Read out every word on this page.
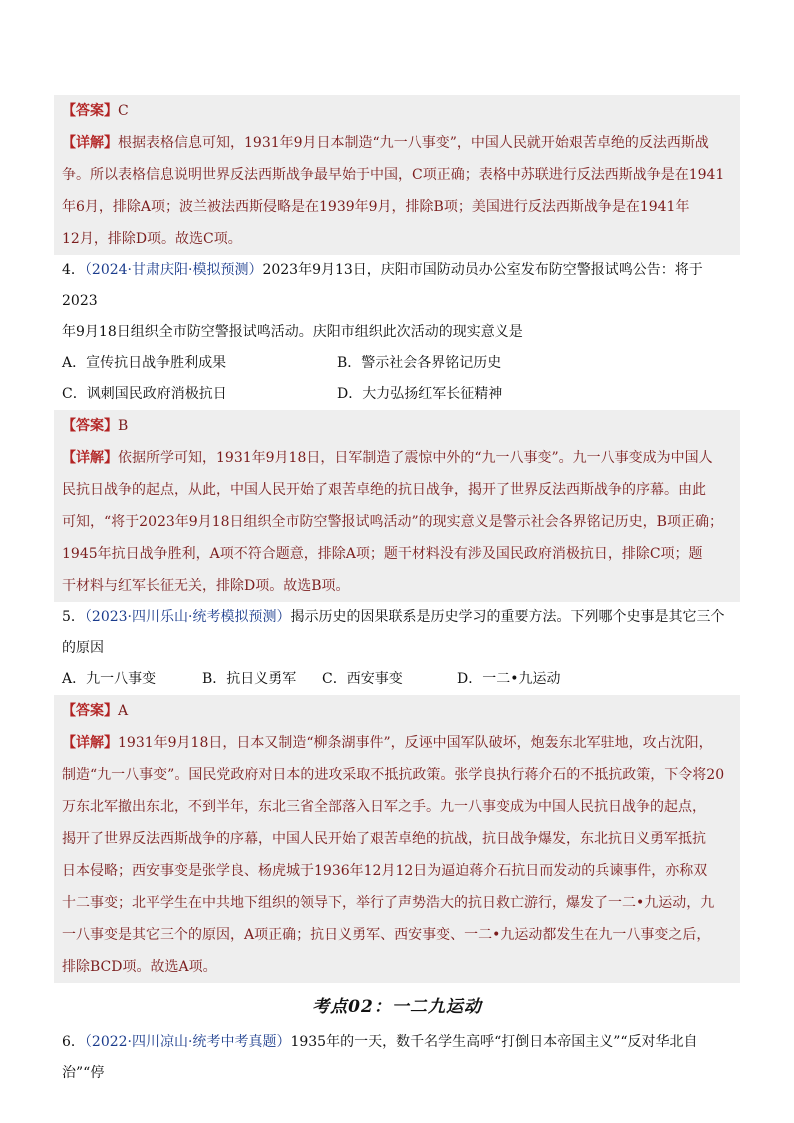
【答案】C
【详解】根据表格信息可知，1931年9月日本制造“九一八事变”，中国人民就开始艰苦卓绝的反法西斯战
争。所以表格信息说明世界反法西斯战争最早始于中国，C项正确；表格中苏联进行反法西斯战争是在1941
年6月，排除A项；波兰被法西斯侵略是在1939年9月，排除B项；美国进行反法西斯战争是在1941年
12月，排除D项。故选C项。
4．（2024·甘肃庆阳·模拟预测）2023年9月13日，庆阳市国防动员办公室发布防空警报试鸣公告：将于2023
年9月18日组织全市防空警报试鸣活动。庆阳市组织此次活动的现实意义是
A．宣传抗日战争胜利成果	B．警示社会各界铭记历史
C．讽刺国民政府消极抗日	D．大力弘扬红军长征精神
【答案】B
【详解】依据所学可知，1931年9月18日，日军制造了震惊中外的“九一八事变”。九一八事变成为中国人
民抗日战争的起点，从此，中国人民开始了艰苦卓绝的抗日战争，揭开了世界反法西斯战争的序幕。由此
可知，“将于2023年9月18日组织全市防空警报试鸣活动”的现实意义是警示社会各界铭记历史，B项正确；
1945年抗日战争胜利，A项不符合题意，排除A项；题干材料没有涉及国民政府消极抗日，排除C项；题
干材料与红军长征无关，排除D项。故选B项。
5．（2023·四川乐山·统考模拟预测）揭示历史的因果联系是历史学习的重要方法。下列哪个史事是其它三个
的原因
A．九一八事变	B．抗日义勇军	C．西安事变	D．一二•九运动
【答案】A
【详解】1931年9月18日，日本又制造“柳条湖事件”，反诬中国军队破坏，炮轰东北军驻地，攻占沈阳，
制造“九一八事变”。国民党政府对日本的进攻采取不抵抗政策。张学良执行蒋介石的不抵抗政策，下令将20
万东北军撤出东北，不到半年，东北三省全部落入日军之手。九一八事变成为中国人民抗日战争的起点，
揭开了世界反法西斯战争的序幕，中国人民开始了艰苦卓绝的抗战，抗日战争爆发，东北抗日义勇军抵抗
日本侵略；西安事变是张学良、杨虎城于1936年12月12日为逼迫蒋介石抗日而发动的兵谏事件，亦称双
十二事变；北平学生在中共地下组织的领导下，举行了声势浩大的抗日救亡游行，爆发了一二•九运动，九
一八事变是其它三个的原因，A项正确；抗日义勇军、西安事变、一二•九运动都发生在九一八事变之后，
排除BCD项。故选A项。
考点02：一二九运动
6．（2022·四川凉山·统考中考真题）1935年的一天，数千名学生高呼“打倒日本帝国主义”“反对华北自治”“停
